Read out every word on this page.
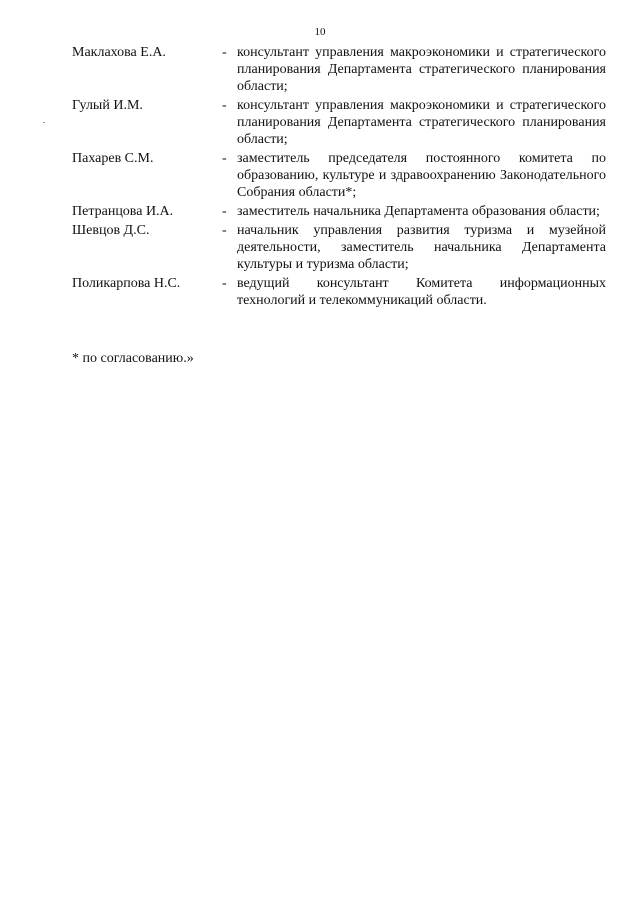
10
Маклахова Е.А.	- консультант управления макроэкономики и стратегического планирования Департамента стратегического планирования области;
Гулый И.М.	- консультант управления макроэкономики и стратегического планирования Департамента стратегического планирования области;
Пахарев С.М.	- заместитель председателя постоянного комитета по образованию, культуре и здравоохранению Законодательного Собрания области*;
Петранцова И.А.	- заместитель начальника Департамента образования области;
Шевцов Д.С.	- начальник управления развития туризма и музейной деятельности, заместитель начальника Департамента культуры и туризма области;
Поликарпова Н.С.	- ведущий консультант Комитета информационных технологий и телекоммуникаций области.
* по согласованию.»
